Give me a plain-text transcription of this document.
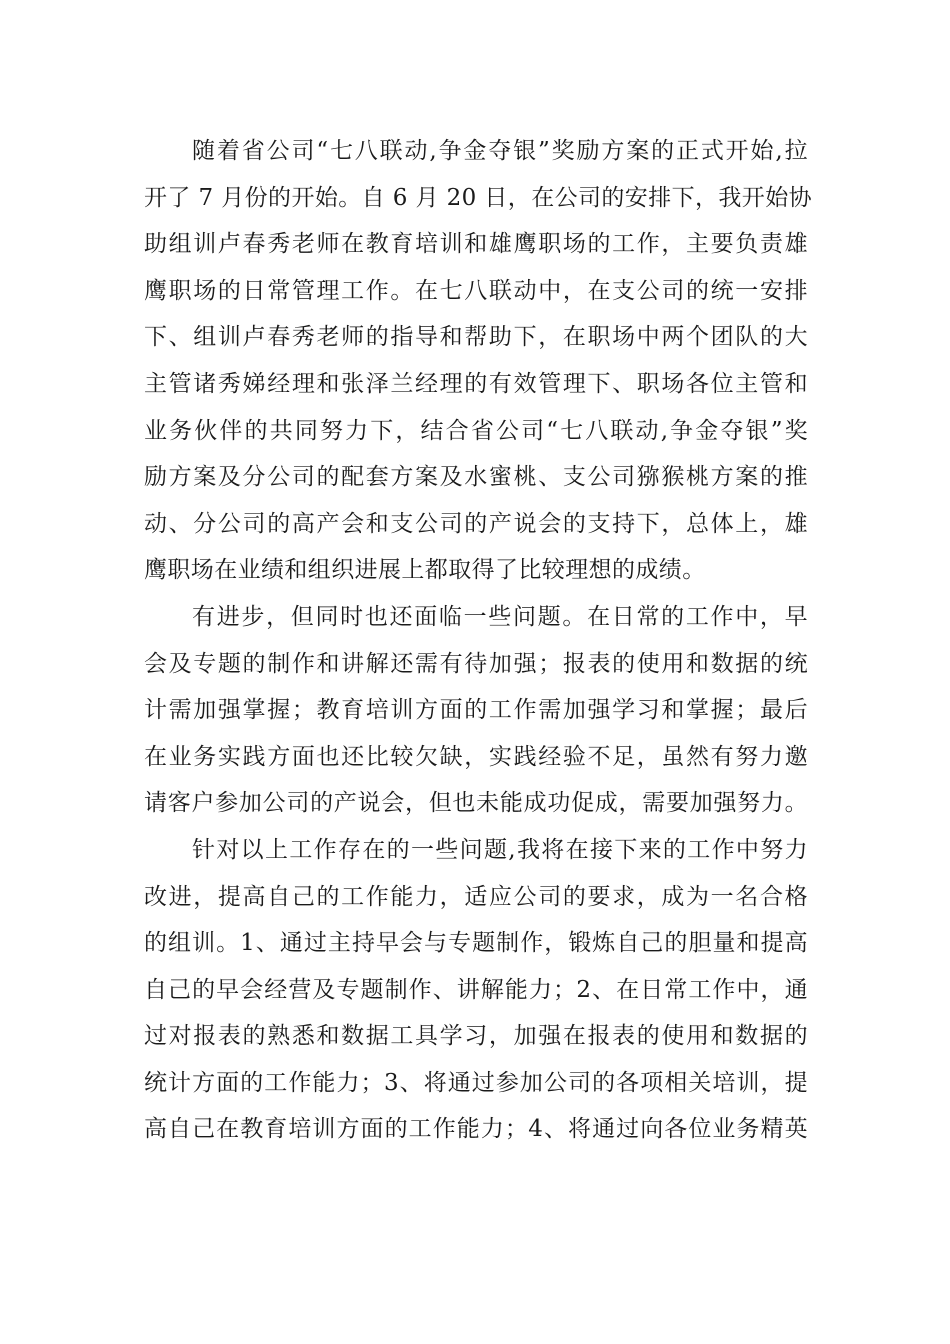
随着省公司“七八联动,争金夺银”奖励方案的正式开始,拉
开了 7 月份的开始。自 6 月 20 日，在公司的安排下，我开始协
助组训卢春秀老师在教育培训和雄鹰职场的工作，主要负责雄
鹰职场的日常管理工作。在七八联动中，在支公司的统一安排
下、组训卢春秀老师的指导和帮助下，在职场中两个团队的大
主管诸秀娣经理和张泽兰经理的有效管理下、职场各位主管和
业务伙伴的共同努力下，结合省公司“七八联动,争金夺银”奖
励方案及分公司的配套方案及水蜜桃、支公司猕猴桃方案的推
动、分公司的高产会和支公司的产说会的支持下，总体上，雄
鹰职场在业绩和组织进展上都取得了比较理想的成绩。
有进步，但同时也还面临一些问题。在日常的工作中，早
会及专题的制作和讲解还需有待加强；报表的使用和数据的统
计需加强掌握；教育培训方面的工作需加强学习和掌握；最后
在业务实践方面也还比较欠缺，实践经验不足，虽然有努力邀
请客户参加公司的产说会，但也未能成功促成，需要加强努力。
针对以上工作存在的一些问题,我将在接下来的工作中努力
改进，提高自己的工作能力，适应公司的要求，成为一名合格
的组训。1、通过主持早会与专题制作，锻炼自己的胆量和提高
自己的早会经营及专题制作、讲解能力；2、在日常工作中，通
过对报表的熟悉和数据工具学习，加强在报表的使用和数据的
统计方面的工作能力；3、将通过参加公司的各项相关培训，提
高自己在教育培训方面的工作能力；4、将通过向各位业务精英
